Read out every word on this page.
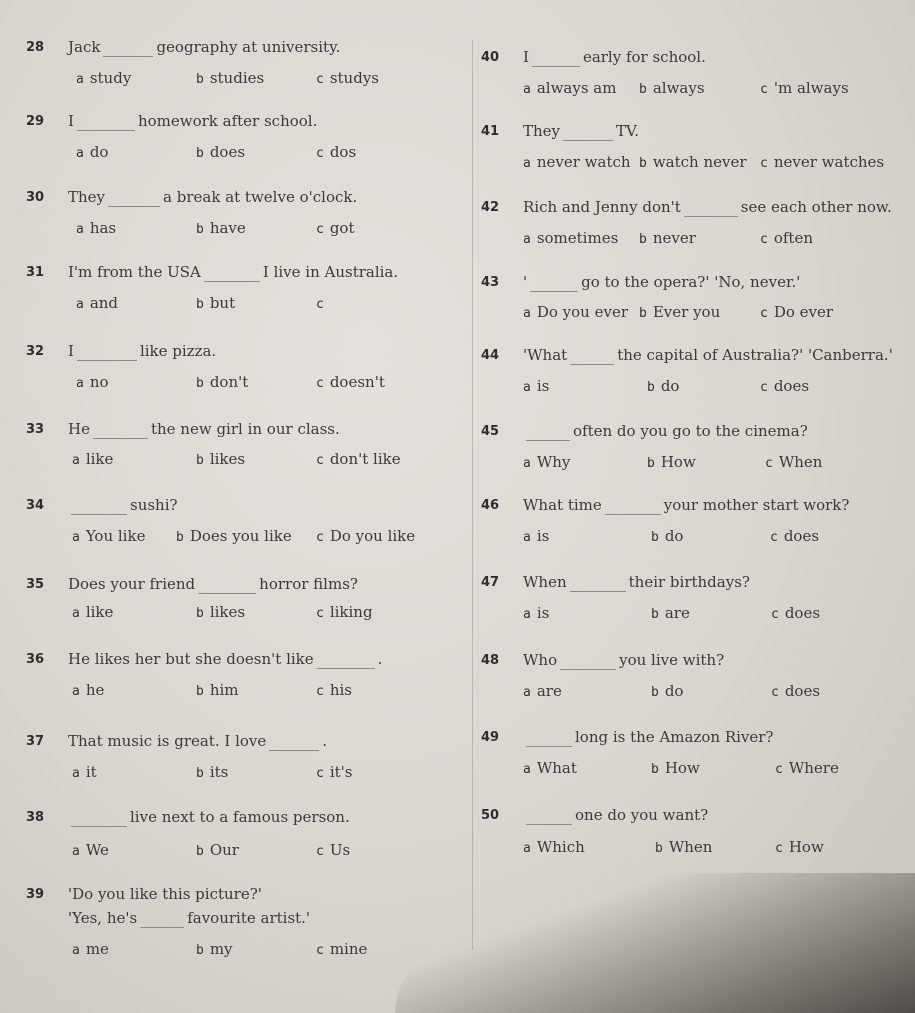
28 Jack	geography at university.
a study	b studies	c studys
29 I	homework after school.
a do	b does	c dos
30 They	a break at twelve o'clock.
a has	b have	c got
31 I'm from the USA	I live in Australia.
a and	b but	c
32 I	like pizza.
a no	b don't	c doesn't
33 He	the new girl in our class.
a like	b likes	c don't like
34	sushi?
a You like b Does you like c Do you like
35 Does your friend	horror films?
a like	b likes	c liking
36 He likes her but she doesn't like	.
a he	b him	c his
37 That music is great. I love	.
a it	b its	c it's
38	live next to a famous person.
a We	b Our	c Us
39 'Do you like this picture?'
'Yes, he's	favourite artist.'
a me	b my	c mine
40 I	early for school.
a always am b always	c 'm always
41 They	TV.
a never watch b watch never c never watches
42 Rich and Jenny don't	see each other now.
a sometimes b never	c often
43 '	go to the opera?' 'No, never.'
a Do you ever b Ever you	c Do ever
44 'What	the capital of Australia?' 'Canberra.'
a is	b do	c does
45	often do you go to the cinema?
a Why	b How	c When
46 What time	your mother start work?
a is	b do	c does
47 When	their birthdays?
a is	b are	c does
48 Who	you live with?
a are	b do	c does
49	long is the Amazon River?
a What	b How	c Where
50	one do you want?
a Which	b When	c How
